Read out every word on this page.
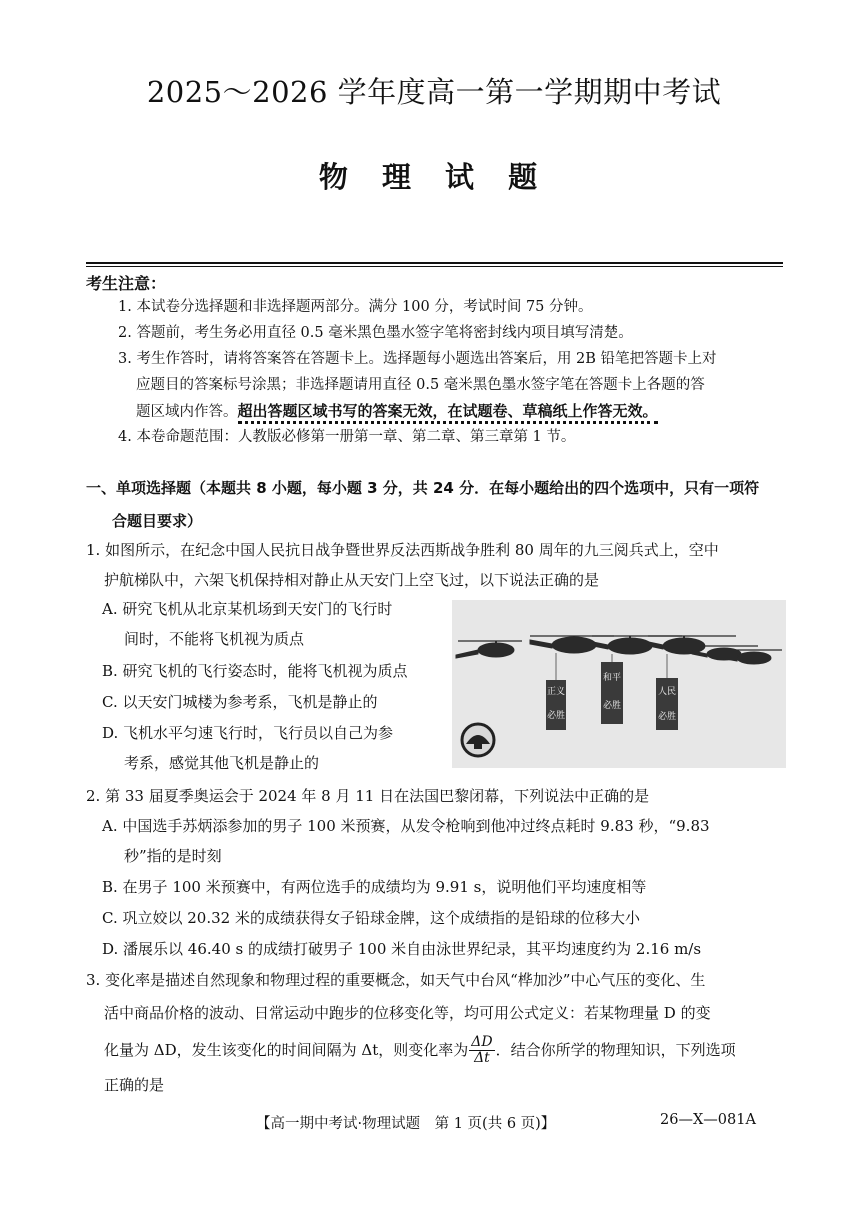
2025～2026 学年度高一第一学期期中考试
物 理 试 题
考生注意：
1. 本试卷分选择题和非选择题两部分。满分 100 分，考试时间 75 分钟。
2. 答题前，考生务必用直径 0.5 毫米黑色墨水签字笔将密封线内项目填写清楚。
3. 考生作答时，请将答案答在答题卡上。选择题每小题选出答案后，用 2B 铅笔把答题卡上对
应题目的答案标号涂黑；非选择题请用直径 0.5 毫米黑色墨水签字笔在答题卡上各题的答
题区域内作答。超出答题区域书写的答案无效，在试题卷、草稿纸上作答无效。
4. 本卷命题范围：人教版必修第一册第一章、第二章、第三章第 1 节。
一、单项选择题（本题共 8 小题，每小题 3 分，共 24 分．在每小题给出的四个选项中，只有一项符
合题目要求）
1. 如图所示，在纪念中国人民抗日战争暨世界反法西斯战争胜利 80 周年的九三阅兵式上，空中
护航梯队中，六架飞机保持相对静止从天安门上空飞过，以下说法正确的是
A. 研究飞机从北京某机场到天安门的飞行时
间时，不能将飞机视为质点
B. 研究飞机的飞行姿态时，能将飞机视为质点
C. 以天安门城楼为参考系，飞机是静止的
D. 飞机水平匀速飞行时，飞行员以自己为参
考系，感觉其他飞机是静止的
正义
必胜
和平
必胜
人民
必胜
2. 第 33 届夏季奥运会于 2024 年 8 月 11 日在法国巴黎闭幕，下列说法中正确的是
A. 中国选手苏炳添参加的男子 100 米预赛，从发令枪响到他冲过终点耗时 9.83 秒，“9.83
秒”指的是时刻
B. 在男子 100 米预赛中，有两位选手的成绩均为 9.91 s，说明他们平均速度相等
C. 巩立姣以 20.32 米的成绩获得女子铅球金牌，这个成绩指的是铅球的位移大小
D. 潘展乐以 46.40 s 的成绩打破男子 100 米自由泳世界纪录，其平均速度约为 2.16 m/s
3. 变化率是描述自然现象和物理过程的重要概念，如天气中台风“桦加沙”中心气压的变化、生
活中商品价格的波动、日常运动中跑步的位移变化等，均可用公式定义：若某物理量 D 的变
化量为 ΔD，发生该变化的时间间隔为 Δt，则变化率为 $\frac{\Delta D}{\Delta t}$ ．结合你所学的物理知识，下列选项
正确的是
【高一期中考试·物理试题　第 1 页(共 6 页)】	26—X—081A
